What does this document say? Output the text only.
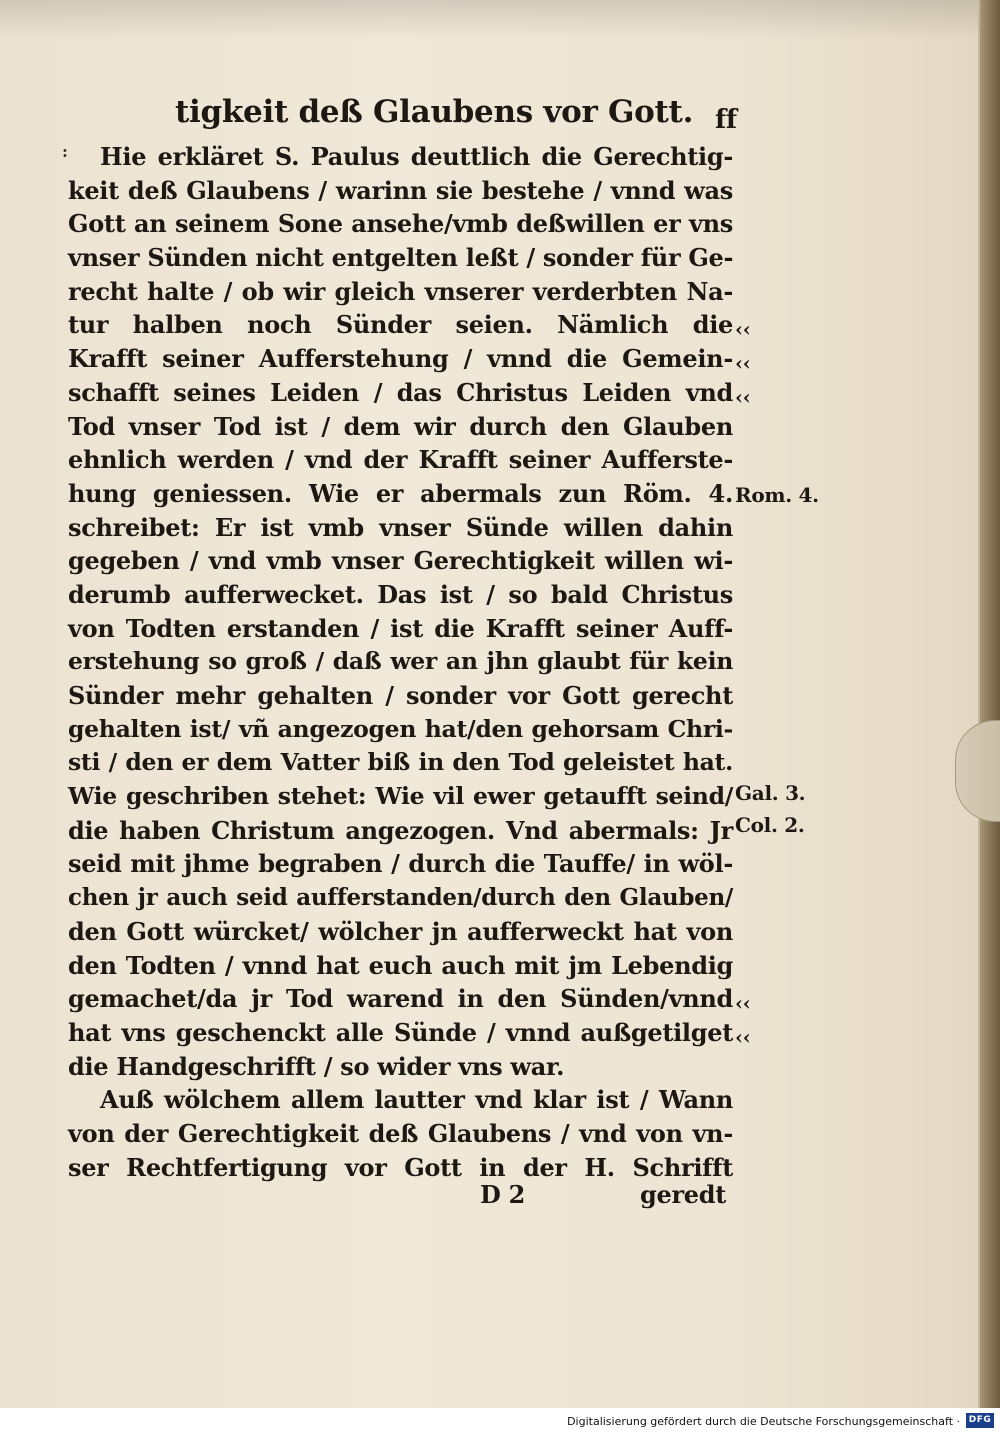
tigkeit deß Glaubens vor Gott. ff
:	Hie erkläret S. Paulus deuttlich die Gerechtig-
keit deß Glaubens / warinn sie bestehe / vnnd was
Gott an seinem Sone ansehe/vmb deßwillen er vns
vnser Sünden nicht entgelten leßt / sonder für Ge-
recht halte / ob wir gleich vnserer verderbten Na-
tur halben noch Sünder seien. Nämlich die
Krafft seiner Aufferstehung / vnnd die Gemein-
schafft seines Leiden / das Christus Leiden vnd
Tod vnser Tod ist / dem wir durch den Glauben
ehnlich werden / vnd der Krafft seiner Aufferste-
hung geniessen. Wie er abermals zun Röm. 4.
schreibet: Er ist vmb vnser Sünde willen dahin
gegeben / vnd vmb vnser Gerechtigkeit willen wi-
derumb aufferwecket. Das ist / so bald Christus
von Todten erstanden / ist die Krafft seiner Auff-
erstehung so groß / daß wer an jhn glaubt für kein
Sünder mehr gehalten / sonder vor Gott gerecht
gehalten ist/ vñ angezogen hat/den gehorsam Chri-
sti / den er dem Vatter biß in den Tod geleistet hat.
Wie geschriben stehet: Wie vil ewer getaufft seind/
die haben Christum angezogen. Vnd abermals: Jr
seid mit jhme begraben / durch die Tauffe/ in wöl-
chen jr auch seid aufferstanden/durch den Glauben/
den Gott würcket/ wölcher jn aufferweckt hat von
den Todten / vnnd hat euch auch mit jm Lebendig
gemachet/da jr Tod warend in den Sünden/vnnd
hat vns geschenckt alle Sünde / vnnd außgetilget
die Handgeschrifft / so wider vns war.
Auß wölchem allem lautter vnd klar ist / Wann
von der Gerechtigkeit deß Glaubens / vnd von vn-
ser Rechtfertigung vor Gott in der H. Schrifft
‹‹
‹‹
‹‹
Rom. 4.
Gal. 3.
Col. 2.
‹‹
‹‹
D 2	geredt
Digitalisierung gefördert durch die Deutsche Forschungsgemeinschaft · DFG
